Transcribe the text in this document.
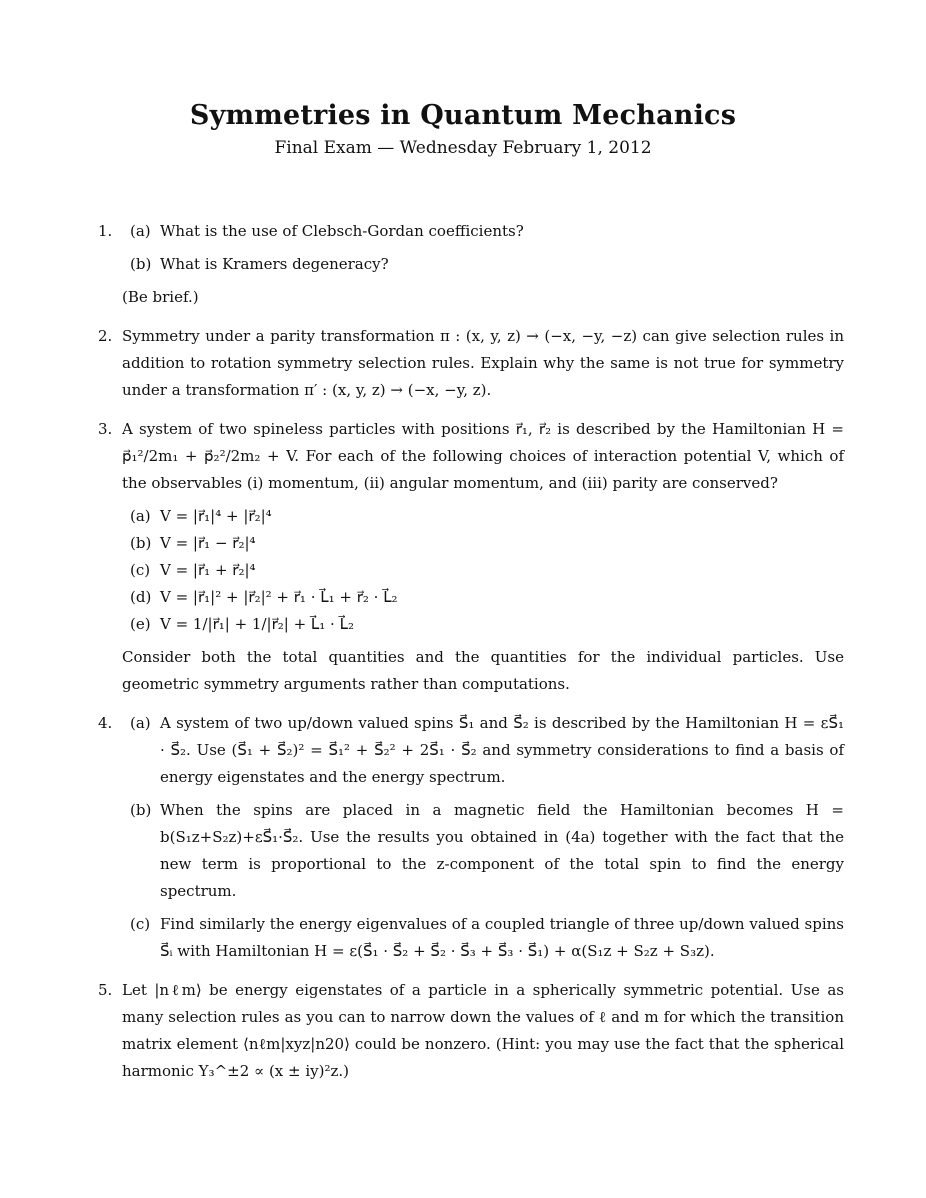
Symmetries in Quantum Mechanics
Final Exam — Wednesday February 1, 2012
1. (a) What is the use of Clebsch-Gordan coefficients?
(b) What is Kramers degeneracy?
(Be brief.)
2. Symmetry under a parity transformation π : (x, y, z) → (−x, −y, −z) can give selection rules in addition to rotation symmetry selection rules. Explain why the same is not true for symmetry under a transformation π′ : (x, y, z) → (−x, −y, z).
3. A system of two spineless particles with positions r⃗₁, r⃗₂ is described by the Hamiltonian H = p⃗₁²/2m₁ + p⃗₂²/2m₂ + V. For each of the following choices of interaction potential V, which of the observables (i) momentum, (ii) angular momentum, and (iii) parity are conserved?
(a) V = |r⃗₁|⁴ + |r⃗₂|⁴
(b) V = |r⃗₁ − r⃗₂|⁴
(c) V = |r⃗₁ + r⃗₂|⁴
(d) V = |r⃗₁|² + |r⃗₂|² + r⃗₁ · L⃗₁ + r⃗₂ · L⃗₂
(e) V = 1/|r⃗₁| + 1/|r⃗₂| + L⃗₁ · L⃗₂
Consider both the total quantities and the quantities for the individual particles. Use geometric symmetry arguments rather than computations.
4. (a) A system of two up/down valued spins S⃗₁ and S⃗₂ is described by the Hamiltonian H = εS⃗₁ · S⃗₂. Use (S⃗₁ + S⃗₂)² = S⃗₁² + S⃗₂² + 2S⃗₁ · S⃗₂ and symmetry considerations to find a basis of energy eigenstates and the energy spectrum.
(b) When the spins are placed in a magnetic field the Hamiltonian becomes H = b(S₁z+S₂z)+εS⃗₁·S⃗₂. Use the results you obtained in (4a) together with the fact that the new term is proportional to the z-component of the total spin to find the energy spectrum.
(c) Find similarly the energy eigenvalues of a coupled triangle of three up/down valued spins S⃗ᵢ with Hamiltonian H = ε(S⃗₁ · S⃗₂ + S⃗₂ · S⃗₃ + S⃗₃ · S⃗₁) + α(S₁z + S₂z + S₃z).
5. Let |nℓm⟩ be energy eigenstates of a particle in a spherically symmetric potential. Use as many selection rules as you can to narrow down the values of ℓ and m for which the transition matrix element ⟨nℓm|xyz|n20⟩ could be nonzero. (Hint: you may use the fact that the spherical harmonic Y₃^±2 ∝ (x ± iy)²z.)
